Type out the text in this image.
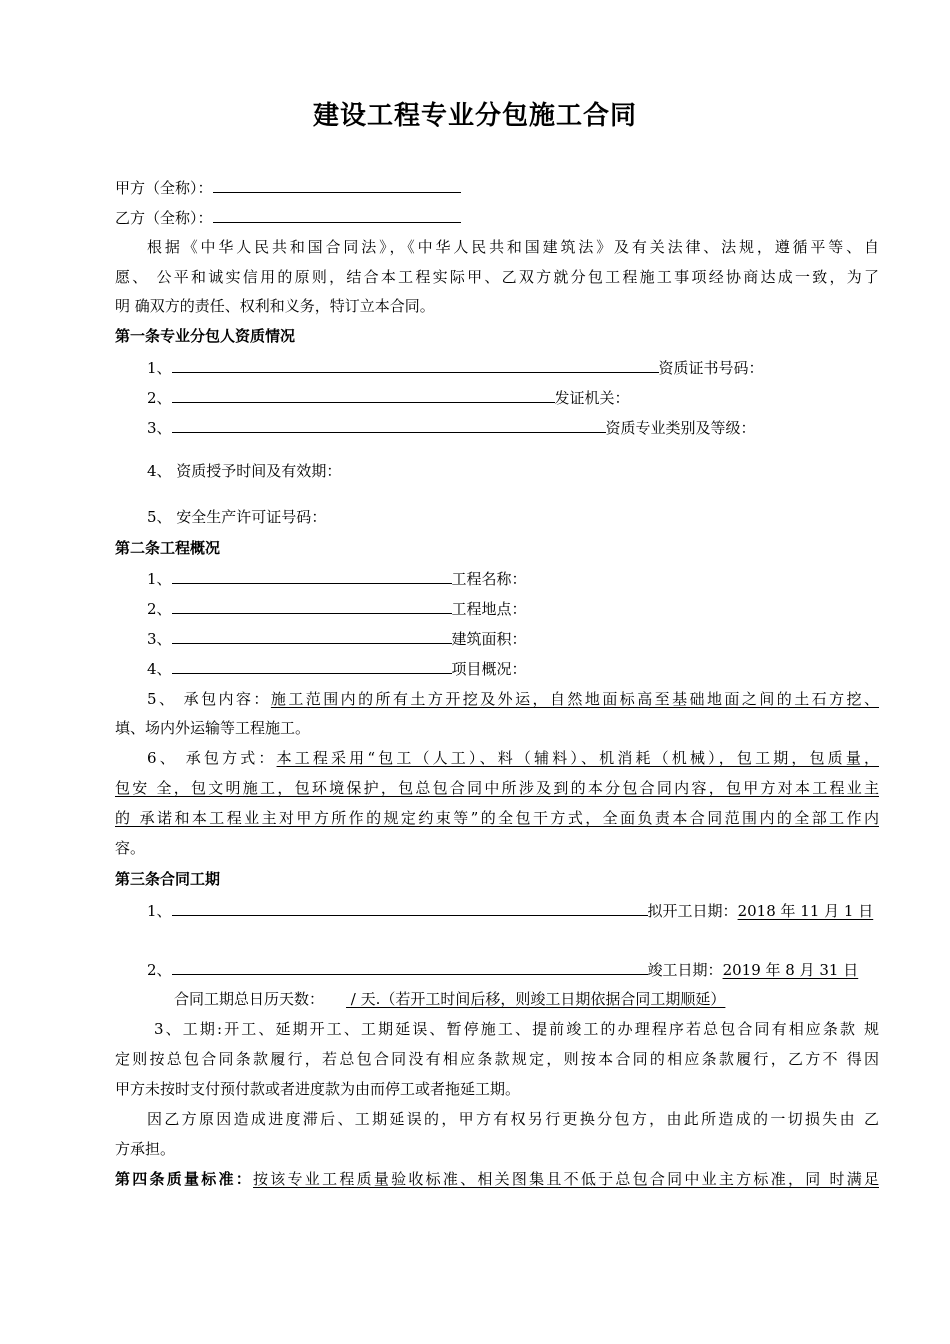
建设工程专业分包施工合同
甲方（全称）：
乙方（全称）：
根据《中华人民共和国合同法》，《中华人民共和国建筑法》及有关法律、法规，遵循平等、自
愿、 公平和诚实信用的原则，结合本工程实际甲、乙双方就分包工程施工事项经协商达成一致，为了
明 确双方的责任、权利和义务，特订立本合同。
第一条专业分包人资质情况
1、	资质证书号码：
2、	发证机关：
3、	资质专业类别及等级：
4、 资质授予时间及有效期：
5、 安全生产许可证号码：
第二条工程概况
1、	工程名称：
2、	工程地点：
3、	建筑面积：
4、	项目概况：
5、 承包内容：施工范围内的所有土方开挖及外运，自然地面标高至基础地面之间的土石方挖、
填、场内外运输等工程施工。
6、 承包方式：本工程采用“包工（人工）、料（辅料）、机消耗（机械），包工期，包质量，
包安 全，包文明施工，包环境保护，包总包合同中所涉及到的本分包合同内容，包甲方对本工程业主
的 承诺和本工程业主对甲方所作的规定约束等”的全包干方式，全面负责本合同范围内的全部工作内
容。
第三条合同工期
1、	拟开工日期：2018 年 11 月 1 日
2、	竣工日期：2019 年 8 月 31 日
合同工期总日历天数： / 天.（若开工时间后移，则竣工日期依据合同工期顺延）
3、工期:开工、延期开工、工期延误、暂停施工、提前竣工的办理程序若总包合同有相应条款 规
定则按总包合同条款履行，若总包合同没有相应条款规定，则按本合同的相应条款履行，乙方不 得因
甲方未按时支付预付款或者进度款为由而停工或者拖延工期。
因乙方原因造成进度滞后、工期延误的，甲方有权另行更换分包方，由此所造成的一切损失由 乙
方承担。
第四条质量标准：按该专业工程质量验收标准、相关图集且不低于总包合同中业主方标准，同 时满足
